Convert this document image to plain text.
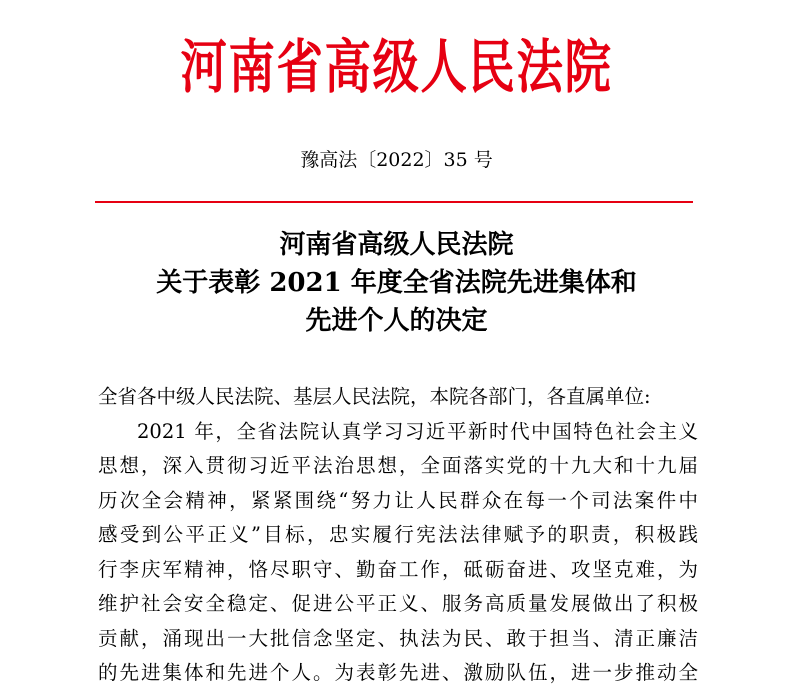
河南省高级人民法院
豫高法〔2022〕35 号
河南省高级人民法院
关于表彰 2021 年度全省法院先进集体和
先进个人的决定
全省各中级人民法院、基层人民法院，本院各部门，各直属单位:
2021 年，全省法院认真学习习近平新时代中国特色社会主义
思想，深入贯彻习近平法治思想，全面落实党的十九大和十九届
历次全会精神，紧紧围绕“努力让人民群众在每一个司法案件中
感受到公平正义”目标，忠实履行宪法法律赋予的职责，积极践
行李庆军精神，恪尽职守、勤奋工作，砥砺奋进、攻坚克难，为
维护社会安全稳定、促进公平正义、服务高质量发展做出了积极
贡献，涌现出一大批信念坚定、执法为民、敢于担当、清正廉洁
的先进集体和先进个人。为表彰先进、激励队伍，进一步推动全
